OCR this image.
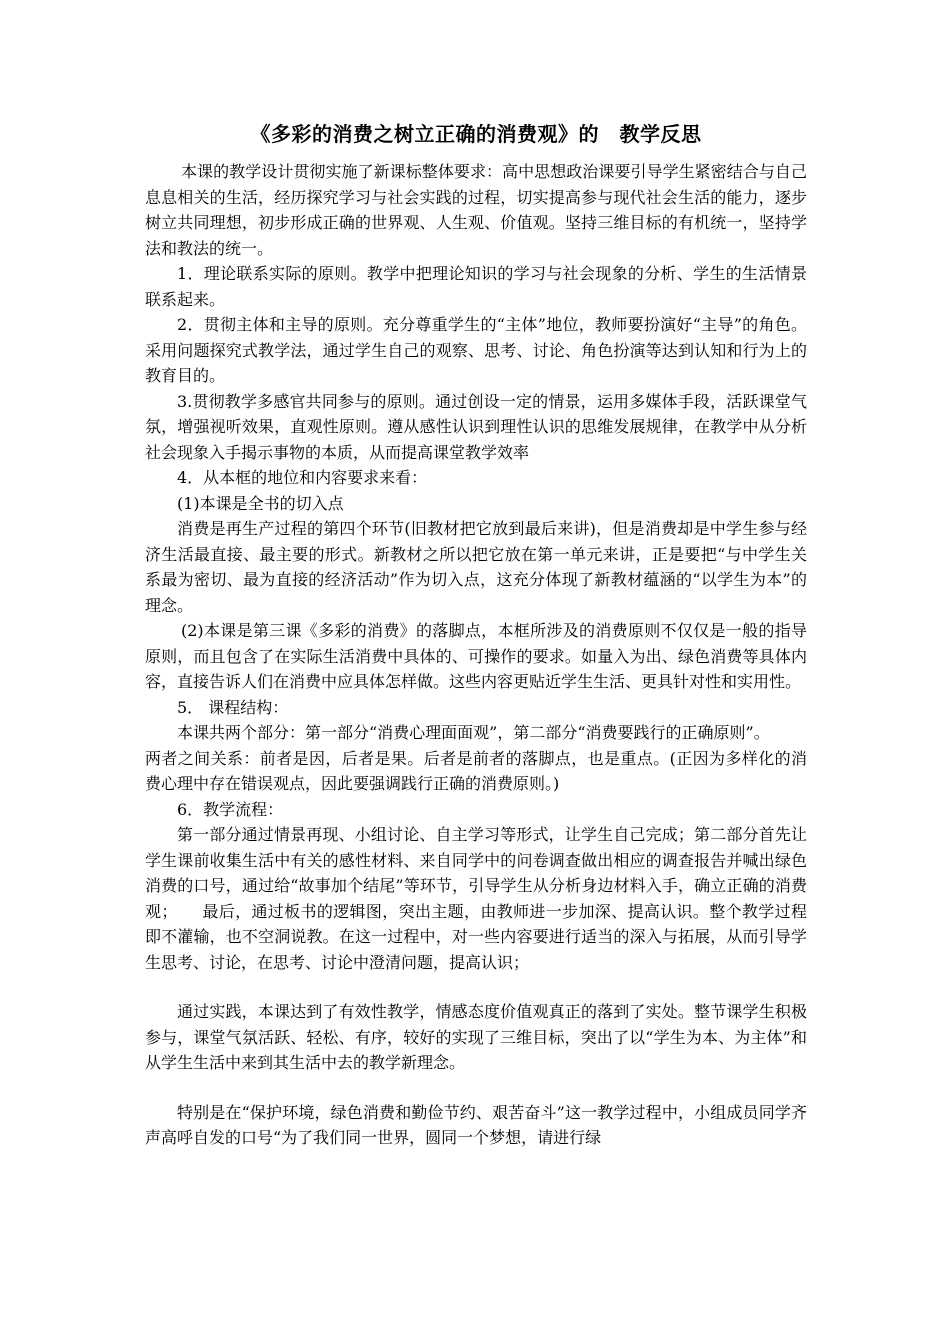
《多彩的消费之树立正确的消费观》的　教学反思

本课的教学设计贯彻实施了新课标整体要求：高中思想政治课要引导学生紧密结合与自己息息相关的生活，经历探究学习与社会实践的过程，切实提高参与现代社会生活的能力，逐步树立共同理想，初步形成正确的世界观、人生观、价值观。坚持三维目标的有机统一，坚持学法和教法的统一。

1．理论联系实际的原则。教学中把理论知识的学习与社会现象的分析、学生的生活情景联系起来。

2．贯彻主体和主导的原则。充分尊重学生的“主体”地位，教师要扮演好“主导”的角色。采用问题探究式教学法，通过学生自己的观察、思考、讨论、角色扮演等达到认知和行为上的教育目的。

3.贯彻教学多感官共同参与的原则。通过创设一定的情景，运用多媒体手段，活跃课堂气氛，增强视听效果，直观性原则。遵从感性认识到理性认识的思维发展规律，在教学中从分析社会现象入手揭示事物的本质，从而提高课堂教学效率

4．从本框的地位和内容要求来看：

(1)本课是全书的切入点

消费是再生产过程的第四个环节(旧教材把它放到最后来讲)，但是消费却是中学生参与经济生活最直接、最主要的形式。新教材之所以把它放在第一单元来讲，正是要把“与中学生关系最为密切、最为直接的经济活动”作为切入点，这充分体现了新教材蕴涵的“以学生为本”的理念。

(2)本课是第三课《多彩的消费》的落脚点，本框所涉及的消费原则不仅仅是一般的指导原则，而且包含了在实际生活消费中具体的、可操作的要求。如量入为出、绿色消费等具体内容，直接告诉人们在消费中应具体怎样做。这些内容更贴近学生生活、更具针对性和实用性。

5． 课程结构：

本课共两个部分：第一部分“消费心理面面观”，第二部分“消费要践行的正确原则”。

两者之间关系：前者是因，后者是果。后者是前者的落脚点，也是重点。(正因为多样化的消费心理中存在错误观点，因此要强调践行正确的消费原则。)

6．教学流程：

第一部分通过情景再现、小组讨论、自主学习等形式，让学生自己完成；第二部分首先让学生课前收集生活中有关的感性材料、来自同学中的问卷调查做出相应的调查报告并喊出绿色消费的口号，通过给“故事加个结尾”等环节，引导学生从分析身边材料入手，确立正确的消费观；　　最后，通过板书的逻辑图，突出主题，由教师进一步加深、提高认识。整个教学过程即不灌输，也不空洞说教。在这一过程中，对一些内容要进行适当的深入与拓展，从而引导学生思考、讨论，在思考、讨论中澄清问题，提高认识；

通过实践，本课达到了有效性教学，情感态度价值观真正的落到了实处。整节课学生积极参与，课堂气氛活跃、轻松、有序，较好的实现了三维目标，突出了以“学生为本、为主体”和从学生生活中来到其生活中去的教学新理念。

特别是在“保护环境，绿色消费和勤俭节约、艰苦奋斗”这一教学过程中，小组成员同学齐声高呼自发的口号“为了我们同一世界，圆同一个梦想，请进行绿
